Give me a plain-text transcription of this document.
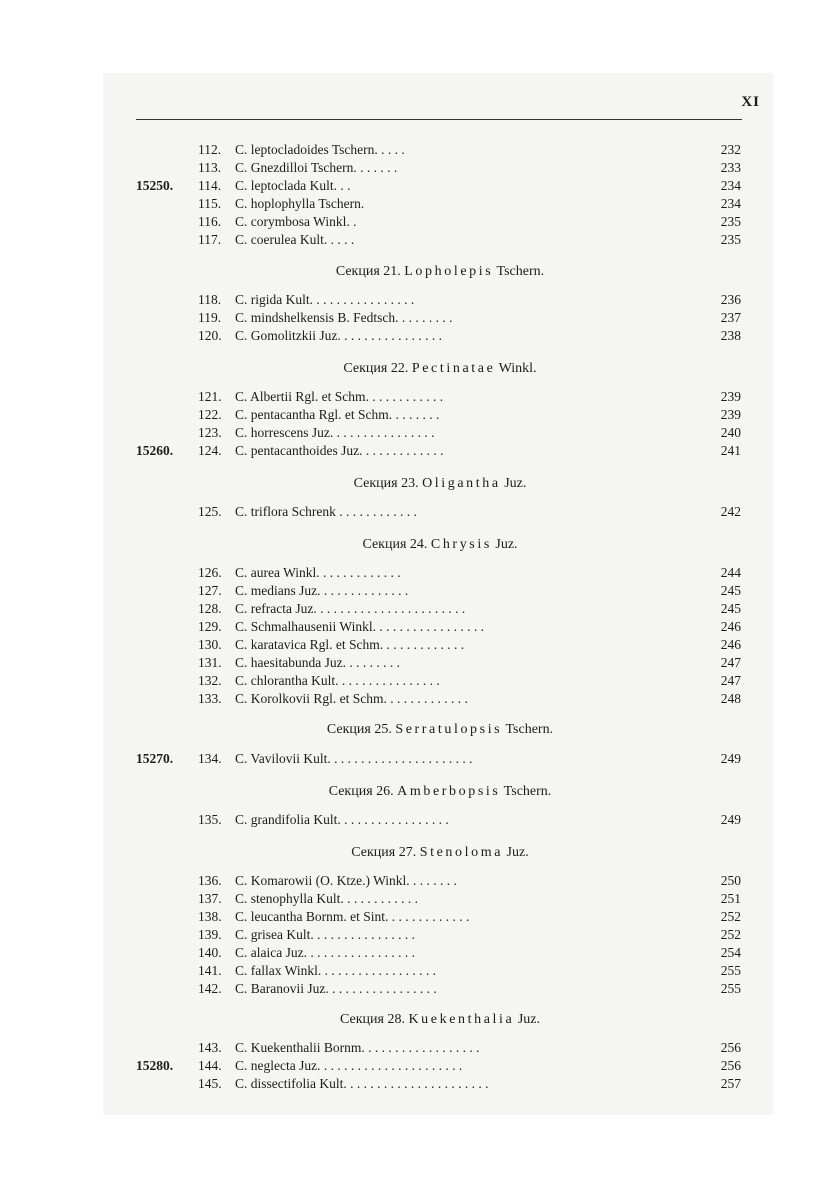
XI
112.	C. leptocladoides Tschern. . . . .	232
113.	C. Gnezdilloi Tschern. . . . . . .	233
15250.	114.	C. leptoclada Kult. . .	234
115.	C. hoplophylla Tschern.	234
116.	C. corymbosa Winkl. .	235
117.	C. coerulea Kult. . . . .	235
Секция 21. Lopholepis Tschern.
118.	C. rigida Kult. . . . . . . . . . . . . . . .	236
119.	C. mindshelkensis B. Fedtsch. . . . . . . . .	237
120. C. Gomolitzkii Juz. . . . . . . . . . . . . . . .	238
Секция 22. Pectinatae Winkl.
121. C. Albertii Rgl. et Schm. . . . . . . . . . . .	239
122. C. pentacantha Rgl. et Schm. . . . . . . .	239
123. C. horrescens Juz. . . . . . . . . . . . . . . .	240
15260.	124. C. pentacanthoides Juz. . . . . . . . . . . . .	241
Секция 23. Oligantha Juz.
125. C. triflora Schrenk . . . . . . . . . . . .	242
Секция 24. Chrysis Juz.
126. C. aurea Winkl. . . . . . . . . . . . .	244
127. C. medians Juz. . . . . . . . . . . . . .	245
128. C. refracta Juz. . . . . . . . . . . . . . . . . . . . . . .	245
129. C. Schmalhausenii Winkl. . . . . . . . . . . . . . . . .	246
130. C. karatavica Rgl. et Schm. . . . . . . . . . . . .	246
131. C. haesitabunda Juz. . . . . . . . .	247
132. C. chlorantha Kult. . . . . . . . . . . . . . . .	247
133. C. Korolkovii Rgl. et Schm. . . . . . . . . . . . .	248
Секция 25. Serratulopsis Tschern.
15270.	134. C. Vavilovii Kult. . . . . . . . . . . . . . . . . . . . . .	249
Секция 26. Amberbopsis Tschern.
135. C. grandifolia Kult. . . . . . . . . . . . . . . . .	249
Секция 27. Stenoloma Juz.
136. C. Komarowii (O. Ktze.) Winkl. . . . . . . .	250
137. C. stenophylla Kult. . . . . . . . . . . .	251
138. C. leucantha Bornm. et Sint. . . . . . . . . . . . .	252
139. C. grisea Kult. . . . . . . . . . . . . . . .	252
140. C. alaica Juz. . . . . . . . . . . . . . . . .	254
141. C. fallax Winkl. . . . . . . . . . . . . . . . . .	255
142. C. Baranovii Juz. . . . . . . . . . . . . . . . .	255
Секция 28. Kuekenthalia Juz.
143. C. Kuekenthalii Bornm. . . . . . . . . . . . . . . . . .	256
15280.	144. C. neglecta Juz. . . . . . . . . . . . . . . . . . . . . .	256
145. C. dissectifolia Kult. . . . . . . . . . . . . . . . . . . . . .	257
